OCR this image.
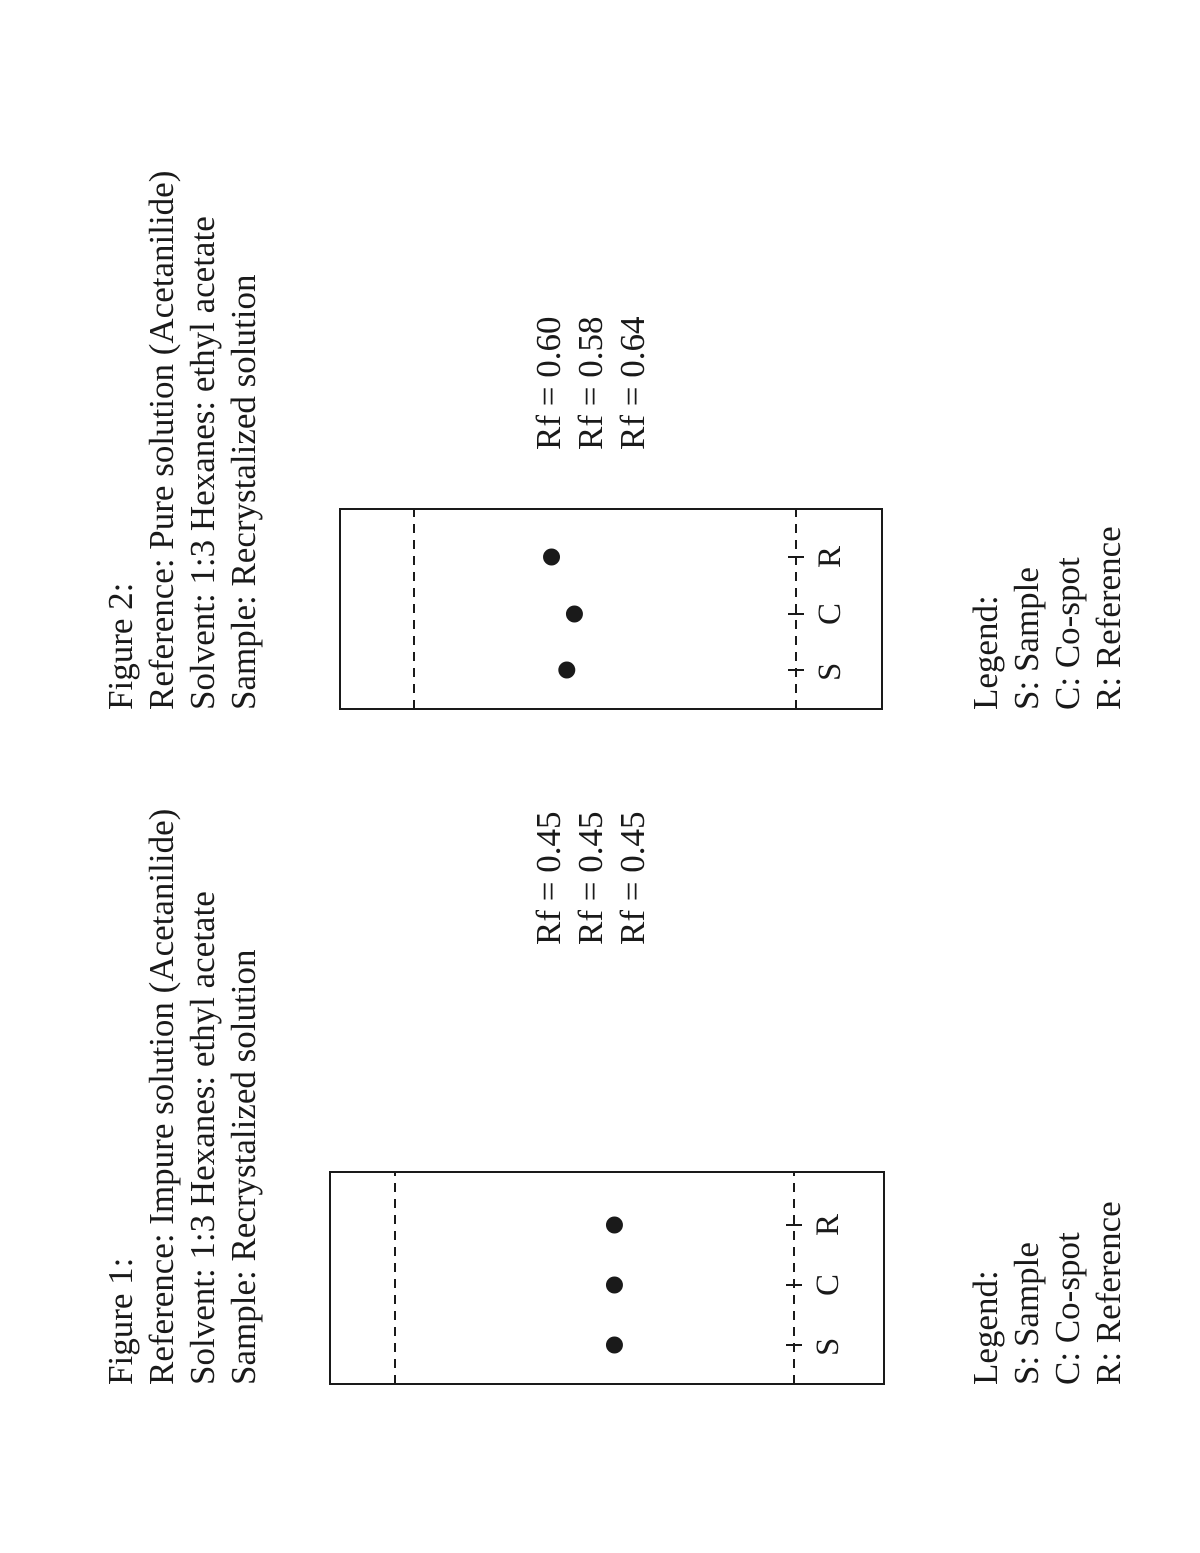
Figure 1: Reference: Impure solution (Acetanilide) Solvent: 1:3 Hexanes: ethyl acetate Sample: Recrystalized solution	S
C
R
Rf = 0.45 Rf = 0.45 Rf = 0.45
Legend: S: Sample C: Co-spot R: Reference
Figure 2: Reference: Pure solution (Acetanilide) Solvent: 1:3 Hexanes: ethyl acetate Sample: Recrystalized solution	S
C
R
Rf = 0.60 Rf = 0.58 Rf = 0.64
Legend: S: Sample C: Co-spot R: Reference
